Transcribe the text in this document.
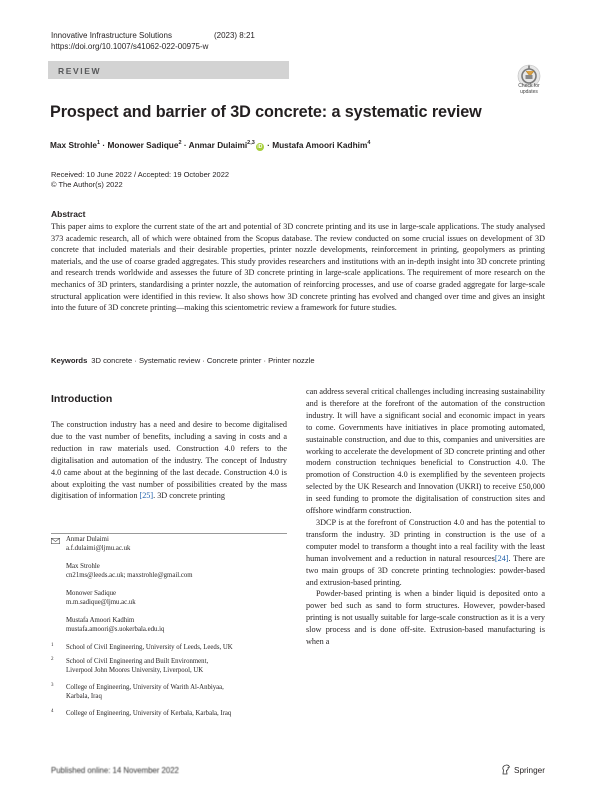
Innovative Infrastructure Solutions	(2023) 8:21
https://doi.org/10.1007/s41062-022-00975-w
REVIEW
Check for
updates
Prospect and barrier of 3D concrete: a systematic review
Max Strohle$^1$ · Monower Sadique$^2$ · Anmar Dulaimi$^{2,3}$iD · Mustafa Amoori Kadhim$^4$
Received: 10 June 2022 / Accepted: 19 October 2022
© The Author(s) 2022
Abstract
This paper aims to explore the current state of the art and potential of 3D concrete printing and its use in large-scale applications. The study analysed 373 academic research, all of which were obtained from the Scopus database. The review conducted on some crucial issues on development of 3D concrete that included materials and their desirable properties, printer nozzle developments, reinforcement in printing, geopolymers as printing materials, and the use of coarse graded aggregates. This study provides researchers and institutions with an in-depth insight into 3D concrete printing and research trends worldwide and assesses the future of 3D concrete printing in large-scale applications. The requirement of more research on the mechanics of 3D printers, standardising a printer nozzle, the automation of reinforcing processes, and use of coarse graded aggregate for large-scale structural application were identified in this review. It also shows how 3D concrete printing has evolved and changed over time and gives an insight into the future of 3D concrete printing—making this scientometric review a framework for future studies.
Keywords 3D concrete · Systematic review · Concrete printer · Printer nozzle
Introduction
The construction industry has a need and desire to become digitalised due to the vast number of benefits, including a saving in costs and a reduction in raw materials used. Construction 4.0 refers to the digitalisation and automation of the industry. The concept of Industry 4.0 came about at the beginning of the last decade. Construction 4.0 is about exploiting the vast number of possibilities created by the mass digitisation of information [25]. 3D concrete printing

can address several critical challenges including increasing sustainability and is therefore at the forefront of the automation of the construction industry. It will have a significant social and economic impact in years to come. Governments have initiatives in place promoting automated, sustainable construction, and due to this, companies and universities are working to accelerate the development of 3D concrete printing and other modern construction techniques beneficial to Construction 4.0. The promotion of Construction 4.0 is exemplified by the seventeen projects selected by the UK Research and Innovation (UKRI) to receive £50,000 in seed funding to promote the digitalisation of construction sites and offshore windfarm construction.

3DCP is at the forefront of Construction 4.0 and has the potential to transform the industry. 3D printing in construction is the use of a computer model to transform a thought into a real facility with the least human involvement and a reduction in natural resources[24]. There are two main groups of 3D concrete printing technologies: powder-based and extrusion-based printing.

Powder-based printing is when a binder liquid is deposited onto a power bed such as sand to form structures. However, powder-based printing is not usually suitable for large-scale construction as it is a very slow process and is done off-site. Extrusion-based manufacturing is when a

Anmar Dulaimi
a.f.dulaimi@ljmu.ac.uk
Max Strohle
cn21ms@leeds.ac.uk; maxstrohle@gmail.com
Monower Sadique
m.m.sadique@ljmu.ac.uk
Mustafa Amoori Kadhim
mustafa.amoori@s.uokerbala.edu.iq
1 School of Civil Engineering, University of Leeds, Leeds, UK
2 School of Civil Engineering and Built Environment,
Liverpool John Moores University, Liverpool, UK
3 College of Engineering, University of Warith Al-Anbiyaa,
Karbala, Iraq
4 College of Engineering, University of Kerbala, Karbala, Iraq
Published online: 14 November 2022	Springer
